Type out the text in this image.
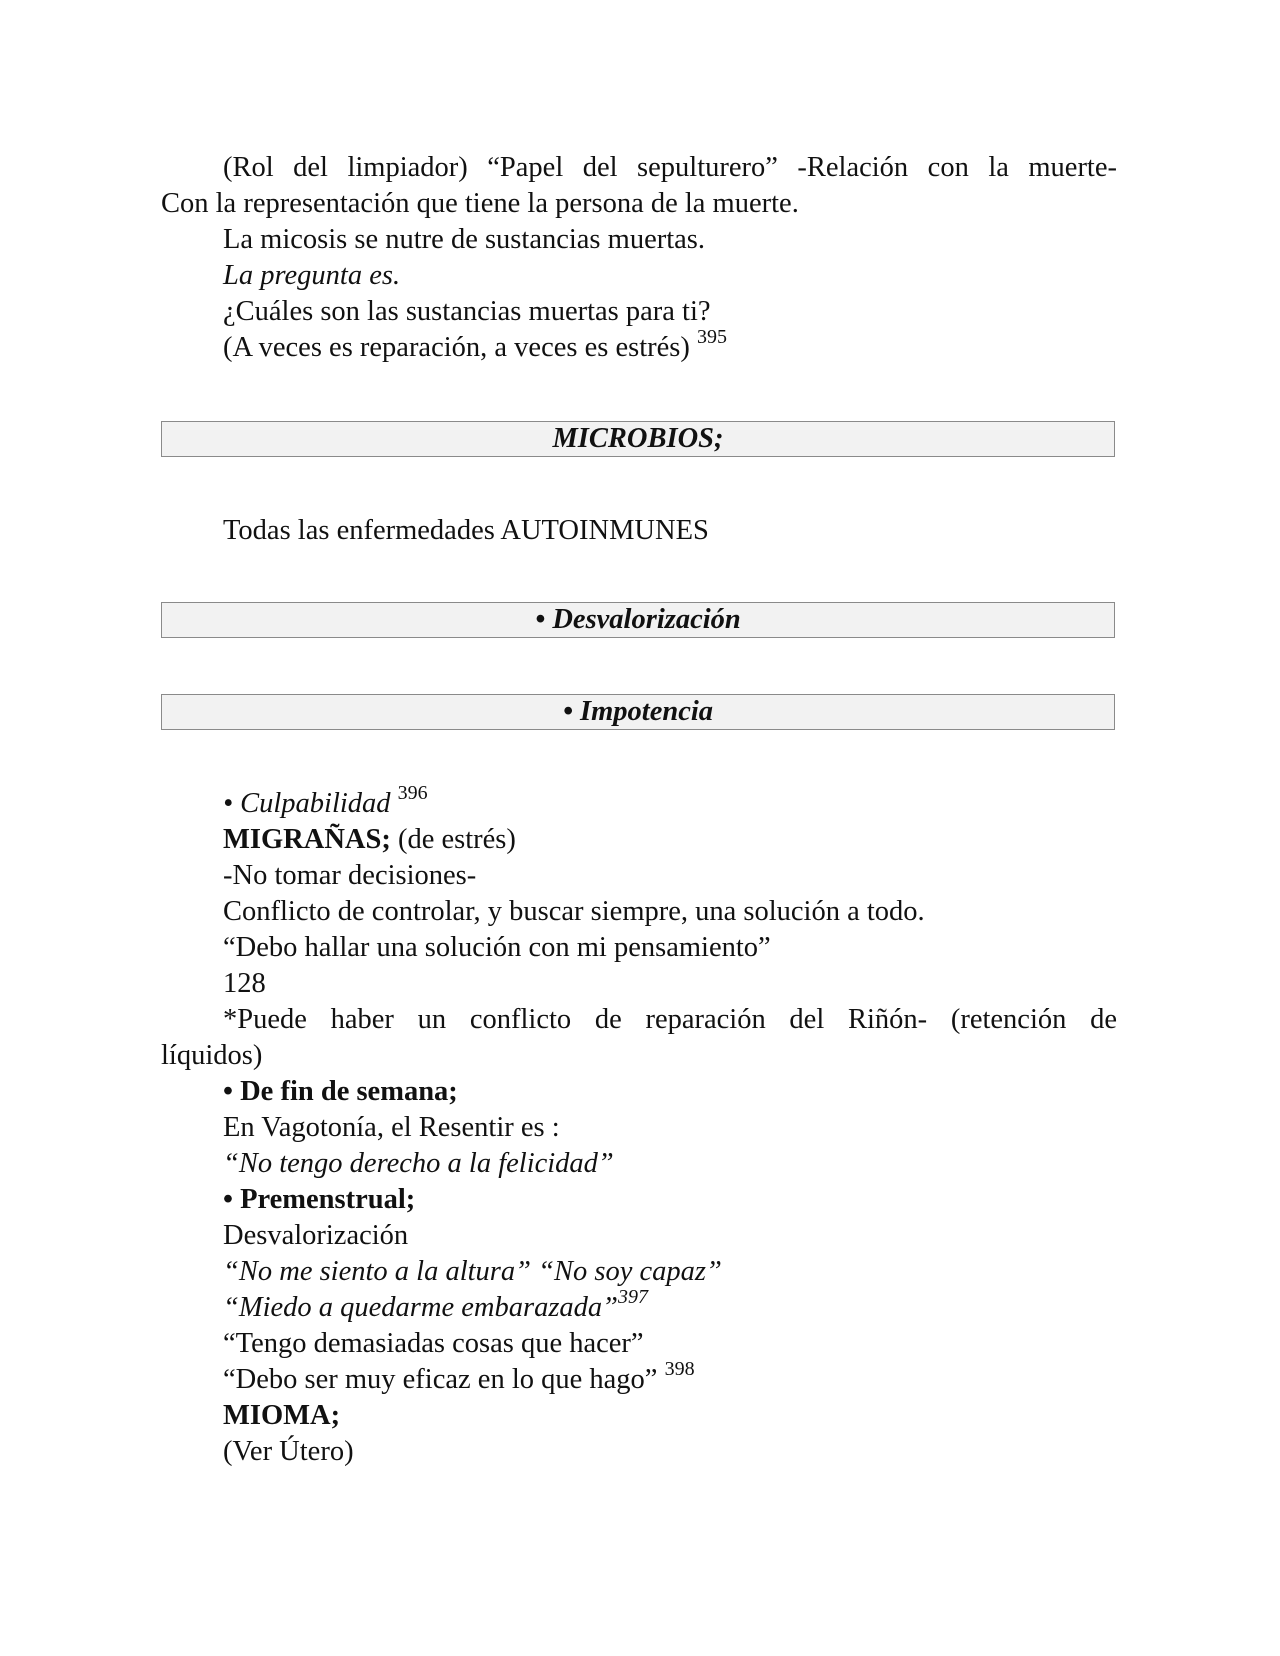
(Rol del limpiador) “Papel del sepulturero” -Relación con la muerte-

Con la representación que tiene la persona de la muerte.

La micosis se nutre de sustancias muertas.

La pregunta es.

¿Cuáles son las sustancias muertas para ti?

(A veces es reparación, a veces es estrés) $^{395}$

MICROBIOS;

Todas las enfermedades AUTOINMUNES

• Desvalorización
• Impotencia

• Culpabilidad $^{396}$

MIGRAÑAS; (de estrés)

-No tomar decisiones-

Conflicto de controlar, y buscar siempre, una solución a todo.

“Debo hallar una solución con mi pensamiento”

128

*Puede haber un conflicto de reparación del Riñón- (retención de

líquidos)

• De fin de semana;

En Vagotonía, el Resentir es :

“No tengo derecho a la felicidad”

• Premenstrual;

Desvalorización

“No me siento a la altura” “No soy capaz”

“Miedo a quedarme embarazada”$^{397}$

“Tengo demasiadas cosas que hacer”

“Debo ser muy eficaz en lo que hago” $^{398}$

MIOMA;

(Ver Útero)
